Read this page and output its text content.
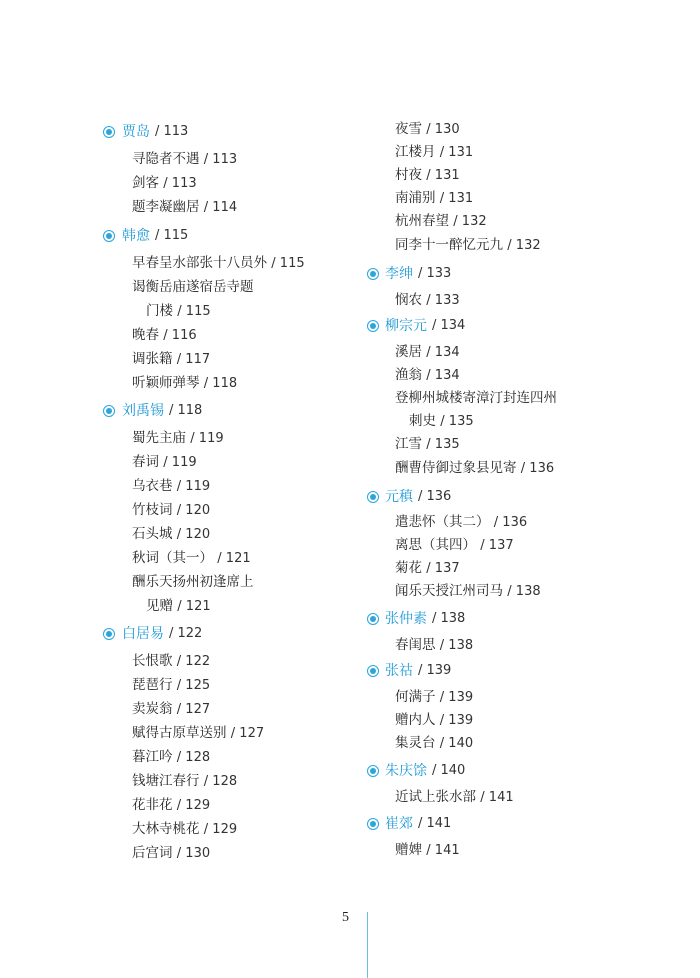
贾岛 / 113
寻隐者不遇 / 113
剑客 / 113
题李凝幽居 / 114
韩愈 / 115
早春呈水部张十八员外 / 115
谒衡岳庙遂宿岳寺题
门楼 / 115
晚春 / 116
调张籍 / 117
听颖师弹琴 / 118
刘禹锡 / 118
蜀先主庙 / 119
春词 / 119
乌衣巷 / 119
竹枝词 / 120
石头城 / 120
秋词（其一） / 121
酬乐天扬州初逢席上
见赠 / 121
白居易 / 122
长恨歌 / 122
琵琶行 / 125
卖炭翁 / 127
赋得古原草送别 / 127
暮江吟 / 128
钱塘江春行 / 128
花非花 / 129
大林寺桃花 / 129
后宫词 / 130
夜雪 / 130
江楼月 / 131
村夜 / 131
南浦别 / 131
杭州春望 / 132
同李十一醉忆元九 / 132
李绅 / 133
悯农 / 133
柳宗元 / 134
溪居 / 134
渔翁 / 134
登柳州城楼寄漳汀封连四州
刺史 / 135
江雪 / 135
酬曹侍御过象县见寄 / 136
元稹 / 136
遣悲怀（其二） / 136
离思（其四） / 137
菊花 / 137
闻乐天授江州司马 / 138
张仲素 / 138
春闺思 / 138
张祜 / 139
何满子 / 139
赠内人 / 139
集灵台 / 140
朱庆馀 / 140
近试上张水部 / 141
崔郊 / 141
赠婢 / 141
5
